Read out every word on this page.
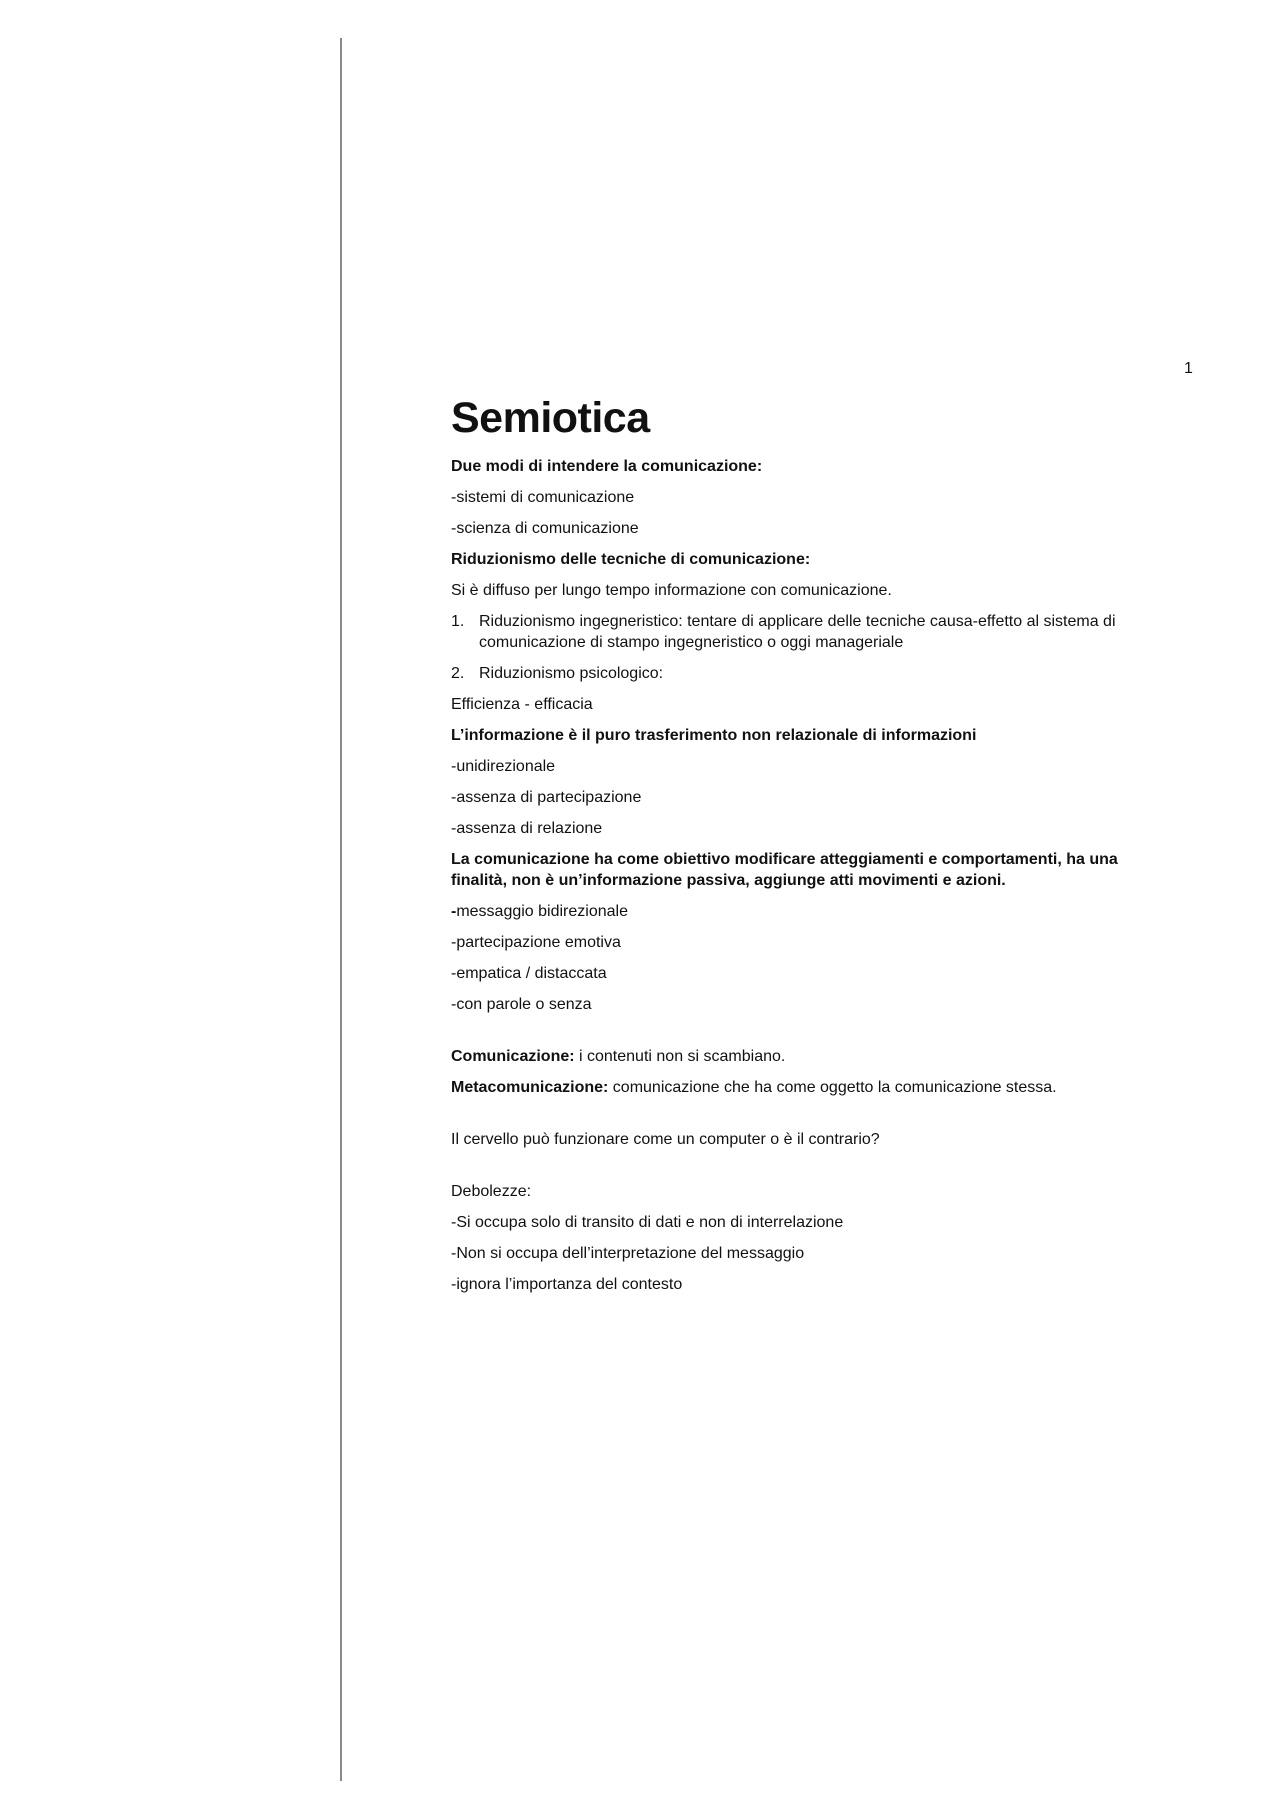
1
Semiotica

Due modi di intendere la comunicazione:

-sistemi di comunicazione

-scienza di comunicazione

Riduzionismo delle tecniche di comunicazione:

Si è diffuso per lungo tempo informazione con comunicazione.

1. Riduzionismo ingegneristico: tentare di applicare delle tecniche causa-effetto al sistema di comunicazione di stampo ingegneristico o oggi manageriale
2. Riduzionismo psicologico:

Efficienza - efficacia

L’informazione è il puro trasferimento non relazionale di informazioni

-unidirezionale

-assenza di partecipazione

-assenza di relazione

La comunicazione ha come obiettivo modificare atteggiamenti e comportamenti, ha una finalità, non è un’informazione passiva, aggiunge atti movimenti e azioni.

-messaggio bidirezionale

-partecipazione emotiva

-empatica / distaccata

-con parole o senza

Comunicazione: i contenuti non si scambiano.

Metacomunicazione: comunicazione che ha come oggetto la comunicazione stessa.

Il cervello può funzionare come un computer o è il contrario?

Debolezze:

-Si occupa solo di transito di dati e non di interrelazione

-Non si occupa dell’interpretazione del messaggio

-ignora l’importanza del contesto
